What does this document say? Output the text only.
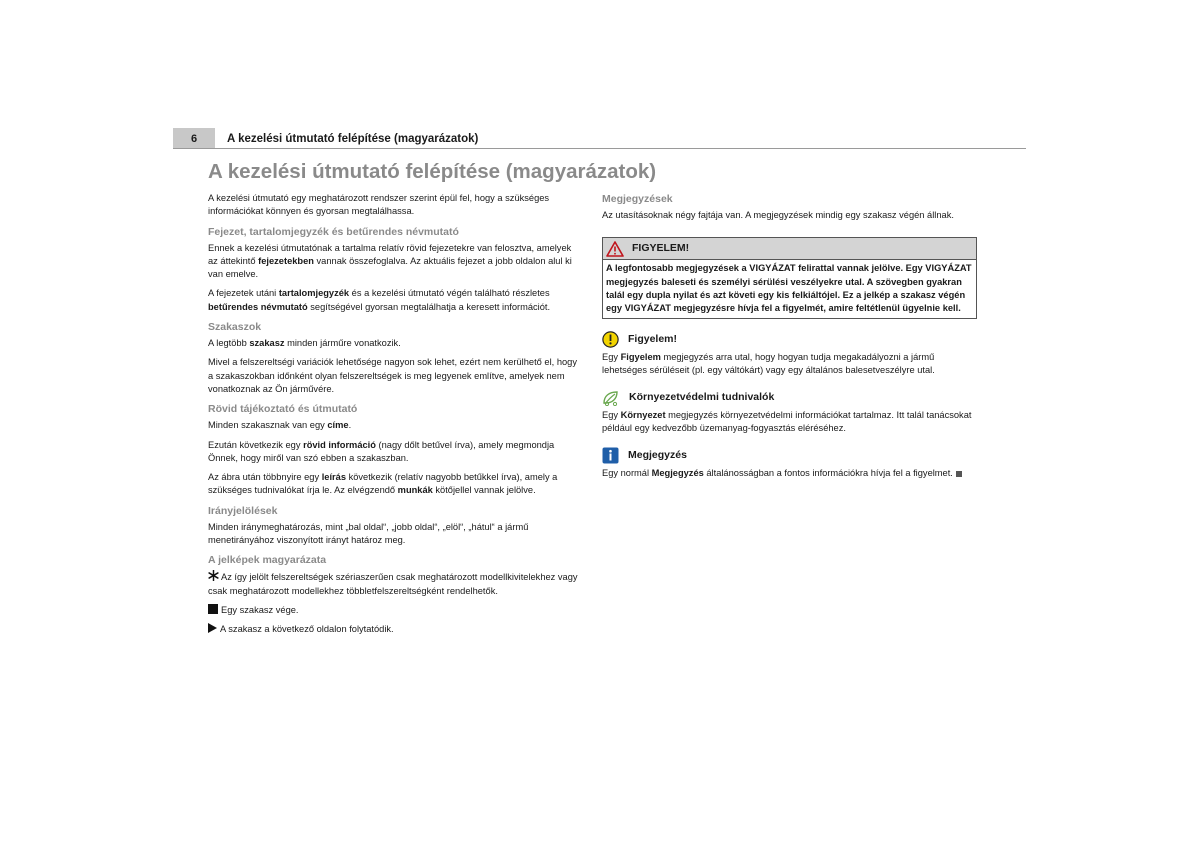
6	A kezelési útmutató felépítése (magyarázatok)
A kezelési útmutató felépítése (magyarázatok)

A kezelési útmutató egy meghatározott rendszer szerint épül fel, hogy a szükséges információkat könnyen és gyorsan megtalálhassa.

Fejezet, tartalomjegyzék és betűrendes névmutató

Ennek a kezelési útmutatónak a tartalma relatív rövid fejezetekre van felosztva, amelyek az áttekintő fejezetekben vannak összefoglalva. Az aktuális fejezet a jobb oldalon alul ki van emelve.

A fejezetek utáni tartalomjegyzék és a kezelési útmutató végén található részletes betűrendes névmutató segítségével gyorsan megtalálhatja a keresett információt.

Szakaszok

A legtöbb szakasz minden járműre vonatkozik.

Mivel a felszereltségi variációk lehetősége nagyon sok lehet, ezért nem kerülhető el, hogy a szakaszokban időnként olyan felszereltségek is meg legyenek említve, amelyek nem vonatkoznak az Ön járművére.

Rövid tájékoztató és útmutató

Minden szakasznak van egy címe.

Ezután következik egy rövid információ (nagy dőlt betűvel írva), amely megmondja Önnek, hogy miről van szó ebben a szakaszban.

Az ábra után többnyire egy leírás következik (relatív nagyobb betűkkel írva), amely a szükséges tudnivalókat írja le. Az elvégzendő munkák kötőjellel vannak jelölve.

Irányjelölések

Minden iránymeghatározás, mint „bal oldal“, „jobb oldal“, „elöl“, „hátul“ a jármű menetirányához viszonyított irányt határoz meg.

A jelképek magyarázata

Az így jelölt felszereltségek szériaszerűen csak meghatározott modellkivitelekhez vagy csak meghatározott modellekhez többletfelszereltségként rendelhetők.

Egy szakasz vége.

A szakasz a következő oldalon folytatódik.

Megjegyzések

Az utasításoknak négy fajtája van. A megjegyzések mindig egy szakasz végén állnak.

FIGYELEM!
A legfontosabb megjegyzések a VIGYÁZAT felirattal vannak jelölve. Egy VIGYÁZAT megjegyzés baleseti és személyi sérülési veszélyekre utal. A szövegben gyakran talál egy dupla nyilat és azt követi egy kis felkiáltójel. Ez a jelkép a szakasz végén egy VIGYÁZAT megjegyzésre hívja fel a figyelmét, amire feltétlenül ügyelnie kell.
Figyelem!

Egy Figyelem megjegyzés arra utal, hogy hogyan tudja megakadályozni a jármű lehetséges sérüléseit (pl. egy váltókárt) vagy egy általános balesetveszélyre utal.

Környezetvédelmi tudnivalók

Egy Környezet megjegyzés környezetvédelmi információkat tartalmaz. Itt talál tanácsokat például egy kedvezőbb üzemanyag-fogyasztás eléréséhez.

Megjegyzés

Egy normál Megjegyzés általánosságban a fontos információkra hívja fel a figyelmet.
